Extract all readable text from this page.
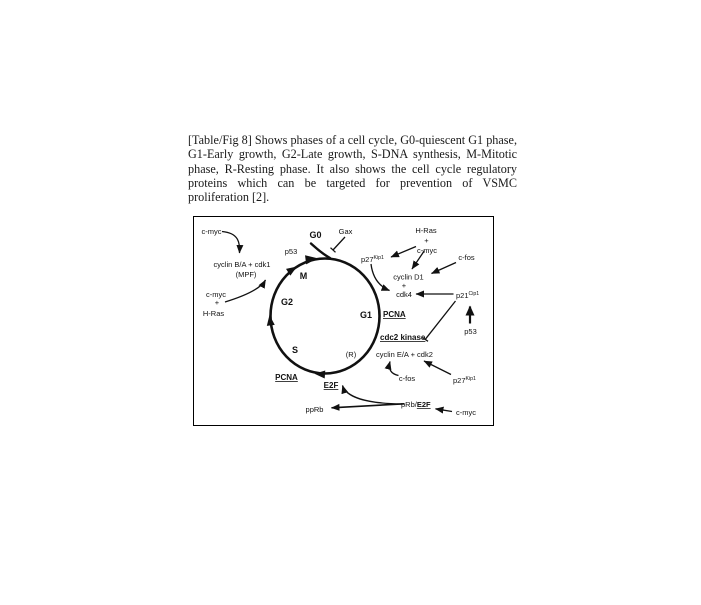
[Table/Fig 8] Shows phases of a cell cycle, G0-quiescent G1 phase,
G1-Early growth, G2-Late growth, S-DNA synthesis, M-Mitotic
phase, R-Resting phase. It also shows the cell cycle regulatory
proteins which can be targeted for prevention of VSMC
proliferation [2].
G0
M
G2
S
G1
(R)
c-myc
cyclin B/A + cdk1
(MPF)
c-myc
+
H-Ras
p53
Gax	H-Ras
+
c-myc
c-fos
$p27^{Kip1}$
cyclin D1
+
cdk4	$p21^{Cip1}$
PCNA
cdc2 kinase
p53
cyclin E/A + cdk2
c-fos	$p27^{Kip1}$
PCNA
E2F
ppRb
pRb/E2F
c-myc
